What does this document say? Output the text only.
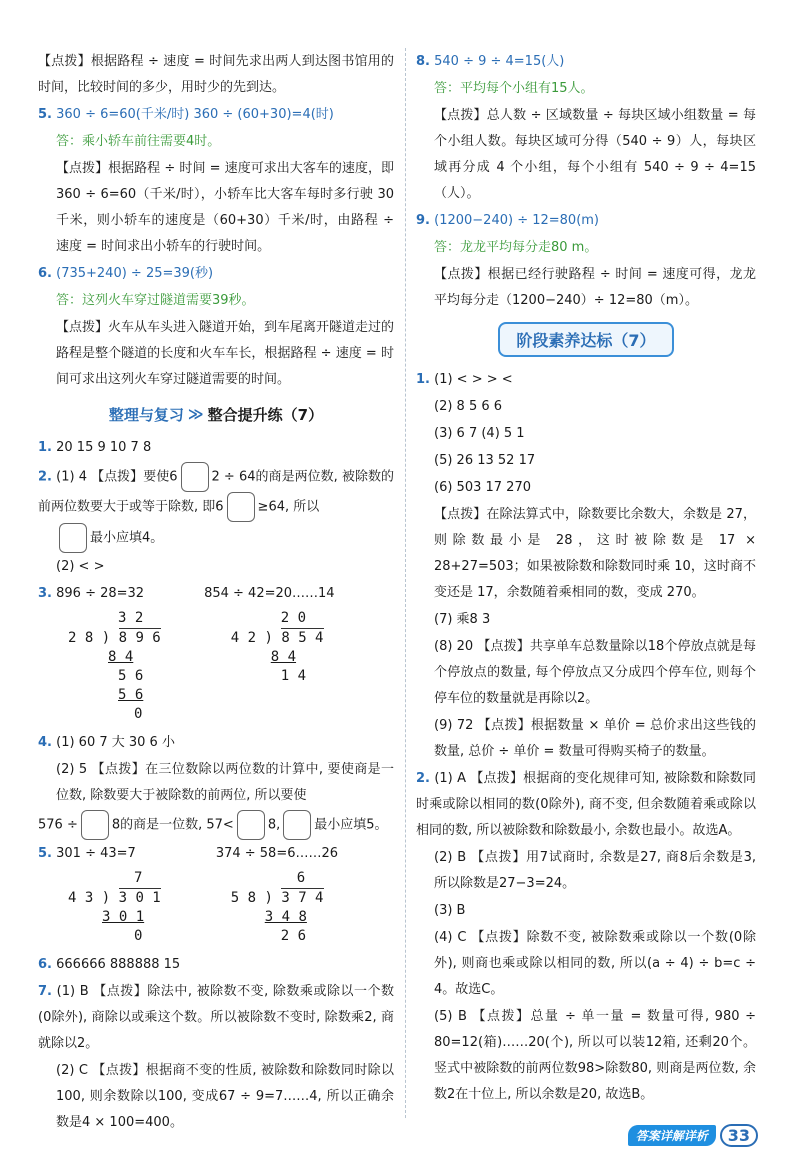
【点拨】根据路程 ÷ 速度 = 时间先求出两人到达图书馆用的时间，比较时间的多少，用时少的先到达。

5. 360 ÷ 6=60(千米/时) 360 ÷ (60+30)=4(时)

答：乘小轿车前往需要4时。

【点拨】根据路程 ÷ 时间 = 速度可求出大客车的速度，即 360 ÷ 6=60（千米/时），小轿车比大客车每时多行驶 30 千米，则小轿车的速度是（60+30）千米/时，由路程 ÷ 速度 = 时间求出小轿车的行驶时间。

6. (735+240) ÷ 25=39(秒)

答：这列火车穿过隧道需要39秒。

【点拨】火车从车头进入隧道开始，到车尾离开隧道走过的路程是整个隧道的长度和火车车长，根据路程 ÷ 速度 = 时间可求出这列火车穿过隧道需要的时间。

整理与复习 ≫ 整合提升练（7）

1. 20 15 9 10 7 8

2. (1) 4 【点拨】要使6	2 ÷ 64的商是两位数, 被除数的前两位数要大于或等于除数, 即6	≥64, 所以

最小应填4。

(2) < >

3. 896 ÷ 28=32	854 ÷ 42=20……14

3 2
2 8 ) 8 9 6
8 4
5 6
5 6
0
2 0
4 2 ) 8 5 4
8 4
1 4

4. (1) 60 7 大 30 6 小

(2) 5 【点拨】在三位数除以两位数的计算中, 要使商是一位数, 除数要大于被除数的前两位, 所以要使

576 ÷	8的商是一位数, 57<	8,	最小应填5。

5. 301 ÷ 43=7	374 ÷ 58=6……26

7
4 3 ) 3 0 1
3 0 1
0
6
5 8 ) 3 7 4
3 4 8
2 6

6. 666666 888888 15

7. (1) B 【点拨】除法中, 被除数不变, 除数乘或除以一个数(0除外), 商除以或乘这个数。所以被除数不变时, 除数乘2, 商就除以2。

(2) C 【点拨】根据商不变的性质, 被除数和除数同时除以100, 则余数除以100, 变成67 ÷ 9=7……4, 所以正确余数是4 × 100=400。

8. 540 ÷ 9 ÷ 4=15(人)

答：平均每个小组有15人。

【点拨】总人数 ÷ 区域数量 ÷ 每块区域小组数量 = 每个小组人数。每块区域可分得（540 ÷ 9）人，每块区域再分成 4 个小组，每个小组有 540 ÷ 9 ÷ 4=15（人）。

9. (1200−240) ÷ 12=80(m)

答：龙龙平均每分走80 m。

【点拨】根据已经行驶路程 ÷ 时间 = 速度可得，龙龙平均每分走（1200−240）÷ 12=80（m）。

阶段素养达标（7）

1. (1) < > > <

(2) 8 5 6 6

(3) 6 7 (4) 5 1

(5) 26 13 52 17

(6) 503 17 270

【点拨】在除法算式中，除数要比余数大，余数是 27，则除数最小是 28，这时被除数是 17 × 28+27=503；如果被除数和除数同时乘 10，这时商不变还是 17，余数随着乘相同的数，变成 270。

(7) 乘8 3

(8) 20 【点拨】共享单车总数量除以18个停放点就是每个停放点的数量, 每个停放点又分成四个停车位, 则每个停车位的数量就是再除以2。

(9) 72 【点拨】根据数量 × 单价 = 总价求出这些钱的数量, 总价 ÷ 单价 = 数量可得购买椅子的数量。

2. (1) A 【点拨】根据商的变化规律可知, 被除数和除数同时乘或除以相同的数(0除外), 商不变, 但余数随着乘或除以相同的数, 所以被除数和除数最小, 余数也最小。故选A。

(2) B 【点拨】用7试商时, 余数是27, 商8后余数是3, 所以除数是27−3=24。

(3) B

(4) C 【点拨】除数不变, 被除数乘或除以一个数(0除外), 则商也乘或除以相同的数, 所以(a ÷ 4) ÷ b=c ÷ 4。故选C。

(5) B 【点拨】总量 ÷ 单一量 = 数量可得, 980 ÷ 80=12(箱)……20(个), 所以可以装12箱, 还剩20个。竖式中被除数的前两位数98>除数80, 则商是两位数, 余数2在十位上, 所以余数是20, 故选B。

答案详解详析	33
